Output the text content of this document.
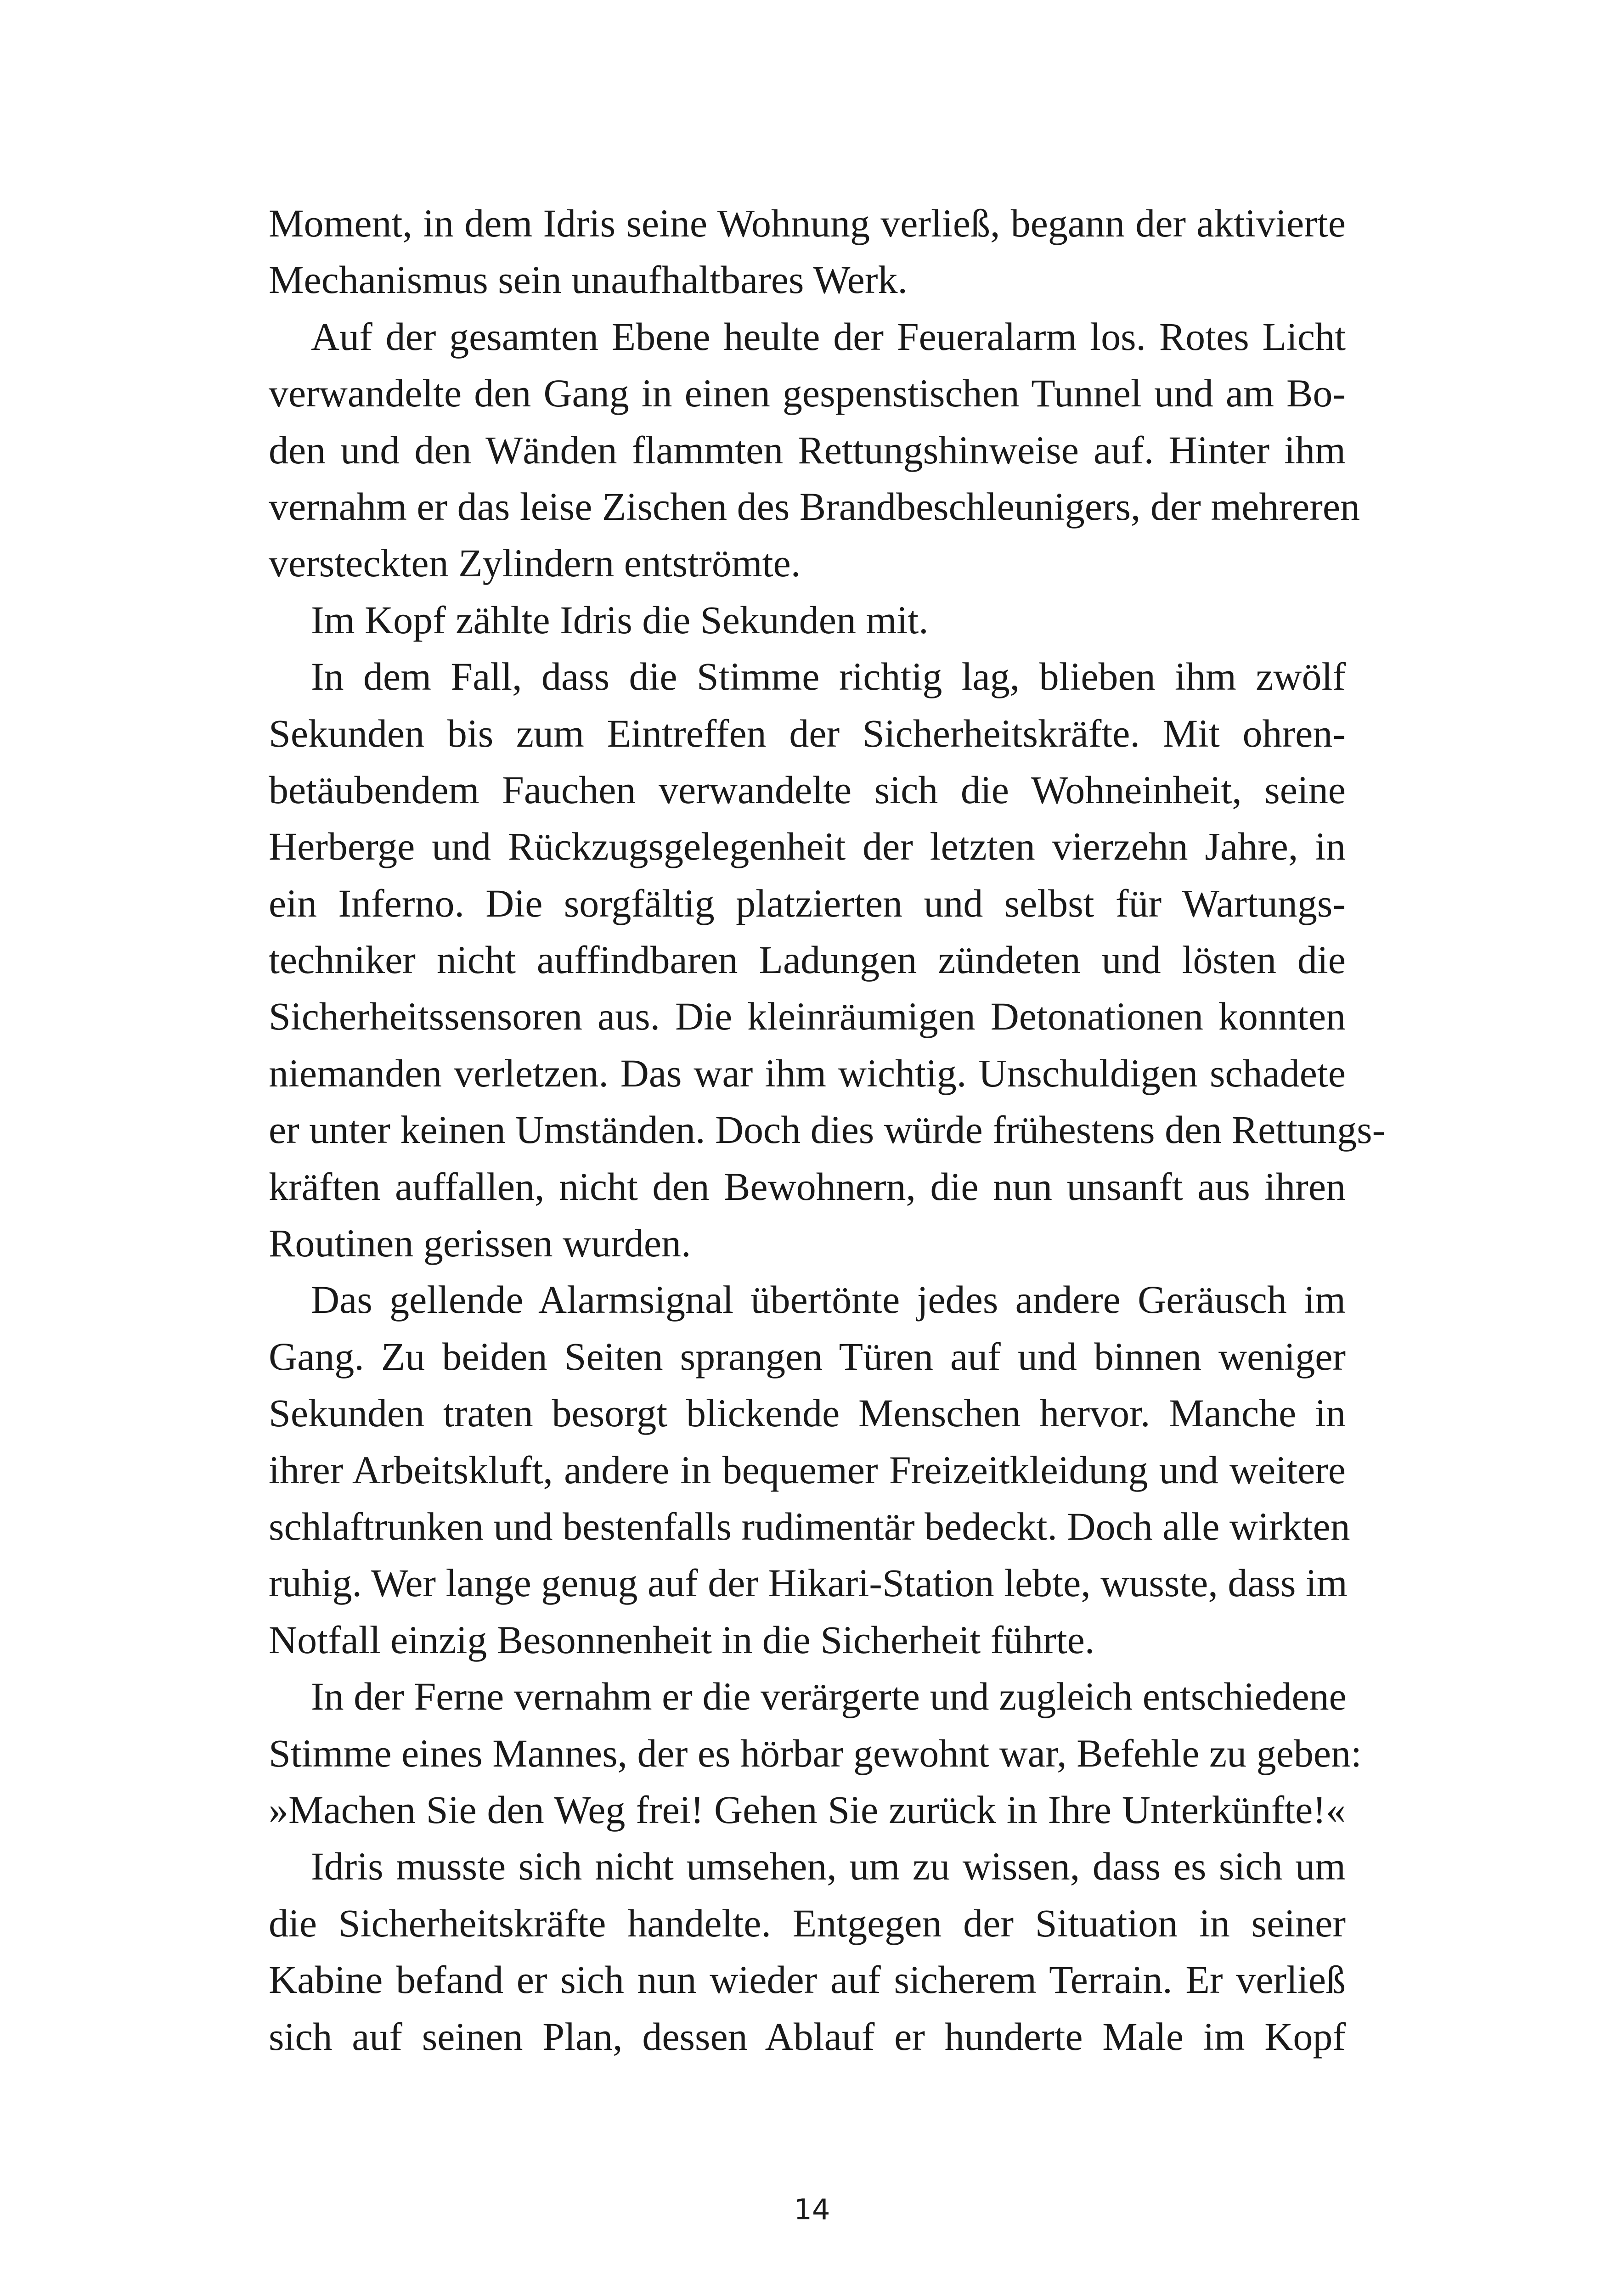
Moment, in dem Idris seine Wohnung verließ, begann der aktivierte
Mechanismus sein unaufhaltbares Werk.
Auf der gesamten Ebene heulte der Feueralarm los. Rotes Licht
verwandelte den Gang in einen gespenstischen Tunnel und am Bo-
den und den Wänden flammten Rettungshinweise auf. Hinter ihm
vernahm er das leise Zischen des Brandbeschleunigers, der mehreren
versteckten Zylindern entströmte.
Im Kopf zählte Idris die Sekunden mit.
In dem Fall, dass die Stimme richtig lag, blieben ihm zwölf
Sekunden bis zum Eintreffen der Sicherheitskräfte. Mit ohren-
betäubendem Fauchen verwandelte sich die Wohneinheit, seine
Herberge und Rückzugsgelegenheit der letzten vierzehn Jahre, in
ein Inferno. Die sorgfältig platzierten und selbst für Wartungs-
techniker nicht auffindbaren Ladungen zündeten und lösten die
Sicherheitssensoren aus. Die kleinräumigen Detonationen konnten
niemanden verletzen. Das war ihm wichtig. Unschuldigen schadete
er unter keinen Umständen. Doch dies würde frühestens den Rettungs-
kräften auffallen, nicht den Bewohnern, die nun unsanft aus ihren
Routinen gerissen wurden.
Das gellende Alarmsignal übertönte jedes andere Geräusch im
Gang. Zu beiden Seiten sprangen Türen auf und binnen weniger
Sekunden traten besorgt blickende Menschen hervor. Manche in
ihrer Arbeitskluft, andere in bequemer Freizeitkleidung und weitere
schlaftrunken und bestenfalls rudimentär bedeckt. Doch alle wirkten
ruhig. Wer lange genug auf der Hikari-Station lebte, wusste, dass im
Notfall einzig Besonnenheit in die Sicherheit führte.
In der Ferne vernahm er die verärgerte und zugleich entschiedene
Stimme eines Mannes, der es hörbar gewohnt war, Befehle zu geben:
»Machen Sie den Weg frei! Gehen Sie zurück in Ihre Unterkünfte!«
Idris musste sich nicht umsehen, um zu wissen, dass es sich um
die Sicherheitskräfte handelte. Entgegen der Situation in seiner
Kabine befand er sich nun wieder auf sicherem Terrain. Er verließ
sich auf seinen Plan, dessen Ablauf er hunderte Male im Kopf
14
